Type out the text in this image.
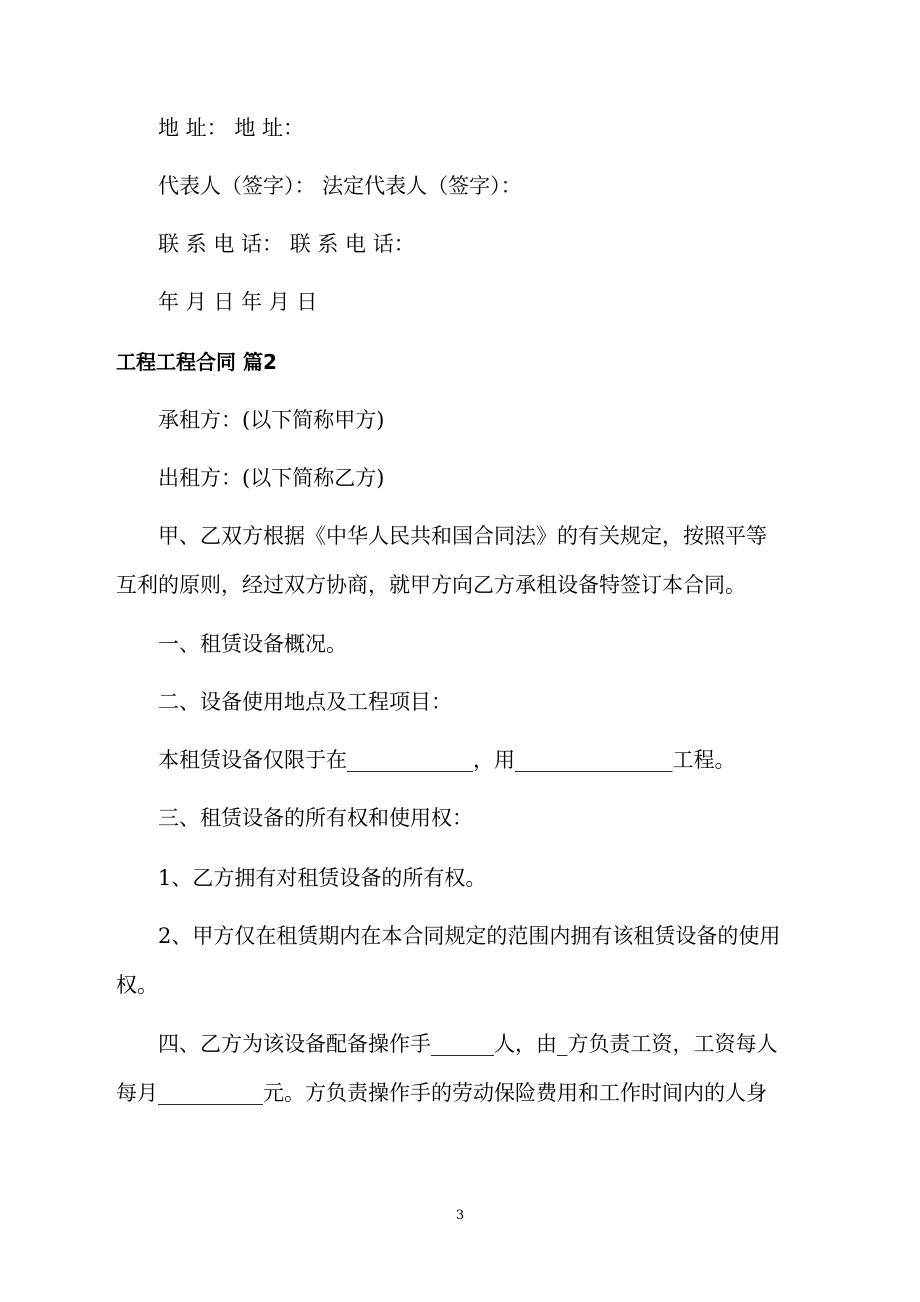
地 址： 地 址：
代表人（签字）： 法定代表人（签字）：
联 系 电 话： 联 系 电 话：
年 月 日 年 月 日
工程工程合同 篇2
承租方：(以下简称甲方)
出租方：(以下简称乙方)
甲、乙双方根据《中华人民共和国合同法》的有关规定，按照平等
互利的原则，经过双方协商，就甲方向乙方承租设备特签订本合同。
一、租赁设备概况。
二、设备使用地点及工程项目：
本租赁设备仅限于在____________，用_______________工程。
三、租赁设备的所有权和使用权：
1、乙方拥有对租赁设备的所有权。
2、甲方仅在租赁期内在本合同规定的范围内拥有该租赁设备的使用
权。
四、乙方为该设备配备操作手______人，由_方负责工资，工资每人
每月__________元。方负责操作手的劳动保险费用和工作时间内的人身
3
